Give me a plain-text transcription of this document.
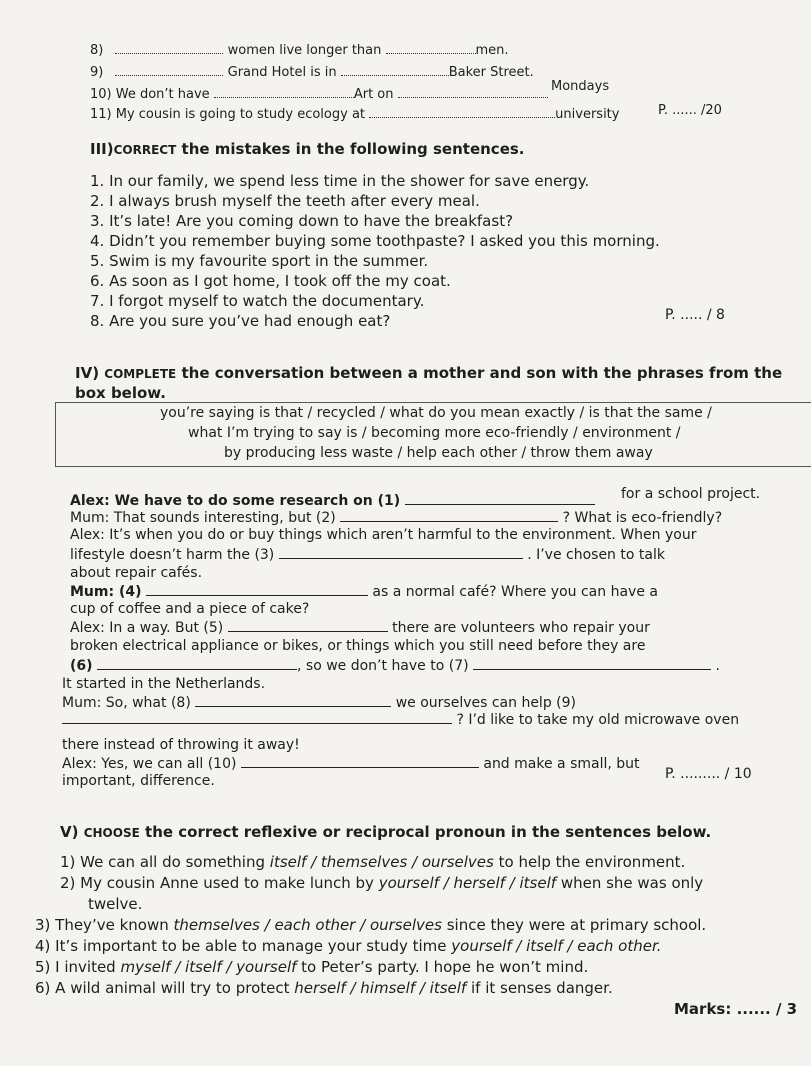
8)	women live longer than	men.
9)	Grand Hotel is in	Baker Street.
10) We don’t have	Art on
Mondays
11) My cousin is going to study ecology at	university	P. ...... /20
III)CORRECT the mistakes in the following sentences.
1. In our family, we spend less time in the shower for save energy.
2. I always brush myself the teeth after every meal.
3. It’s late! Are you coming down to have the breakfast?
4. Didn’t you remember buying some toothpaste? I asked you this morning.
5. Swim is my favourite sport in the summer.
6. As soon as I got home, I took off the my coat.
7. I forgot myself to watch the documentary.
8. Are you sure you’ve had enough eat?	P. ..... / 8
IV) COMPLETE the conversation between a mother and son with the phrases from the
box below.
you’re saying is that / recycled / what do you mean exactly / is that the same /
what I’m trying to say is / becoming more eco-friendly / environment /
by producing less waste / help each other / throw them away
Alex: We have to do some research on (1)	for a school project.
Mum: That sounds interesting, but (2)	? What is eco-friendly?
Alex: It’s when you do or buy things which aren’t harmful to the environment. When your
lifestyle doesn’t harm the (3)	. I’ve chosen to talk
about repair cafés.
Mum: (4)	as a normal café? Where you can have a
cup of coffee and a piece of cake?
Alex: In a way. But (5)	there are volunteers who repair your
broken electrical appliance or bikes, or things which you still need before they are
(6)	, so we don’t have to (7)	.
It started in the Netherlands.
Mum: So, what (8)	we ourselves can help (9)
? I’d like to take my old microwave oven
there instead of throwing it away!
Alex: Yes, we can all (10)	and make a small, but
important, difference.	P. ......... / 10
V) CHOOSE the correct reflexive or reciprocal pronoun in the sentences below.
1) We can all do something itself / themselves / ourselves to help the environment.
2) My cousin Anne used to make lunch by yourself / herself / itself when she was only
twelve.
3) They’ve known themselves / each other / ourselves since they were at primary school.
4) It’s important to be able to manage your study time yourself / itself / each other.
5) I invited myself / itself / yourself to Peter’s party. I hope he won’t mind.
6) A wild animal will try to protect herself / himself / itself if it senses danger.
Marks: ...... / 3
